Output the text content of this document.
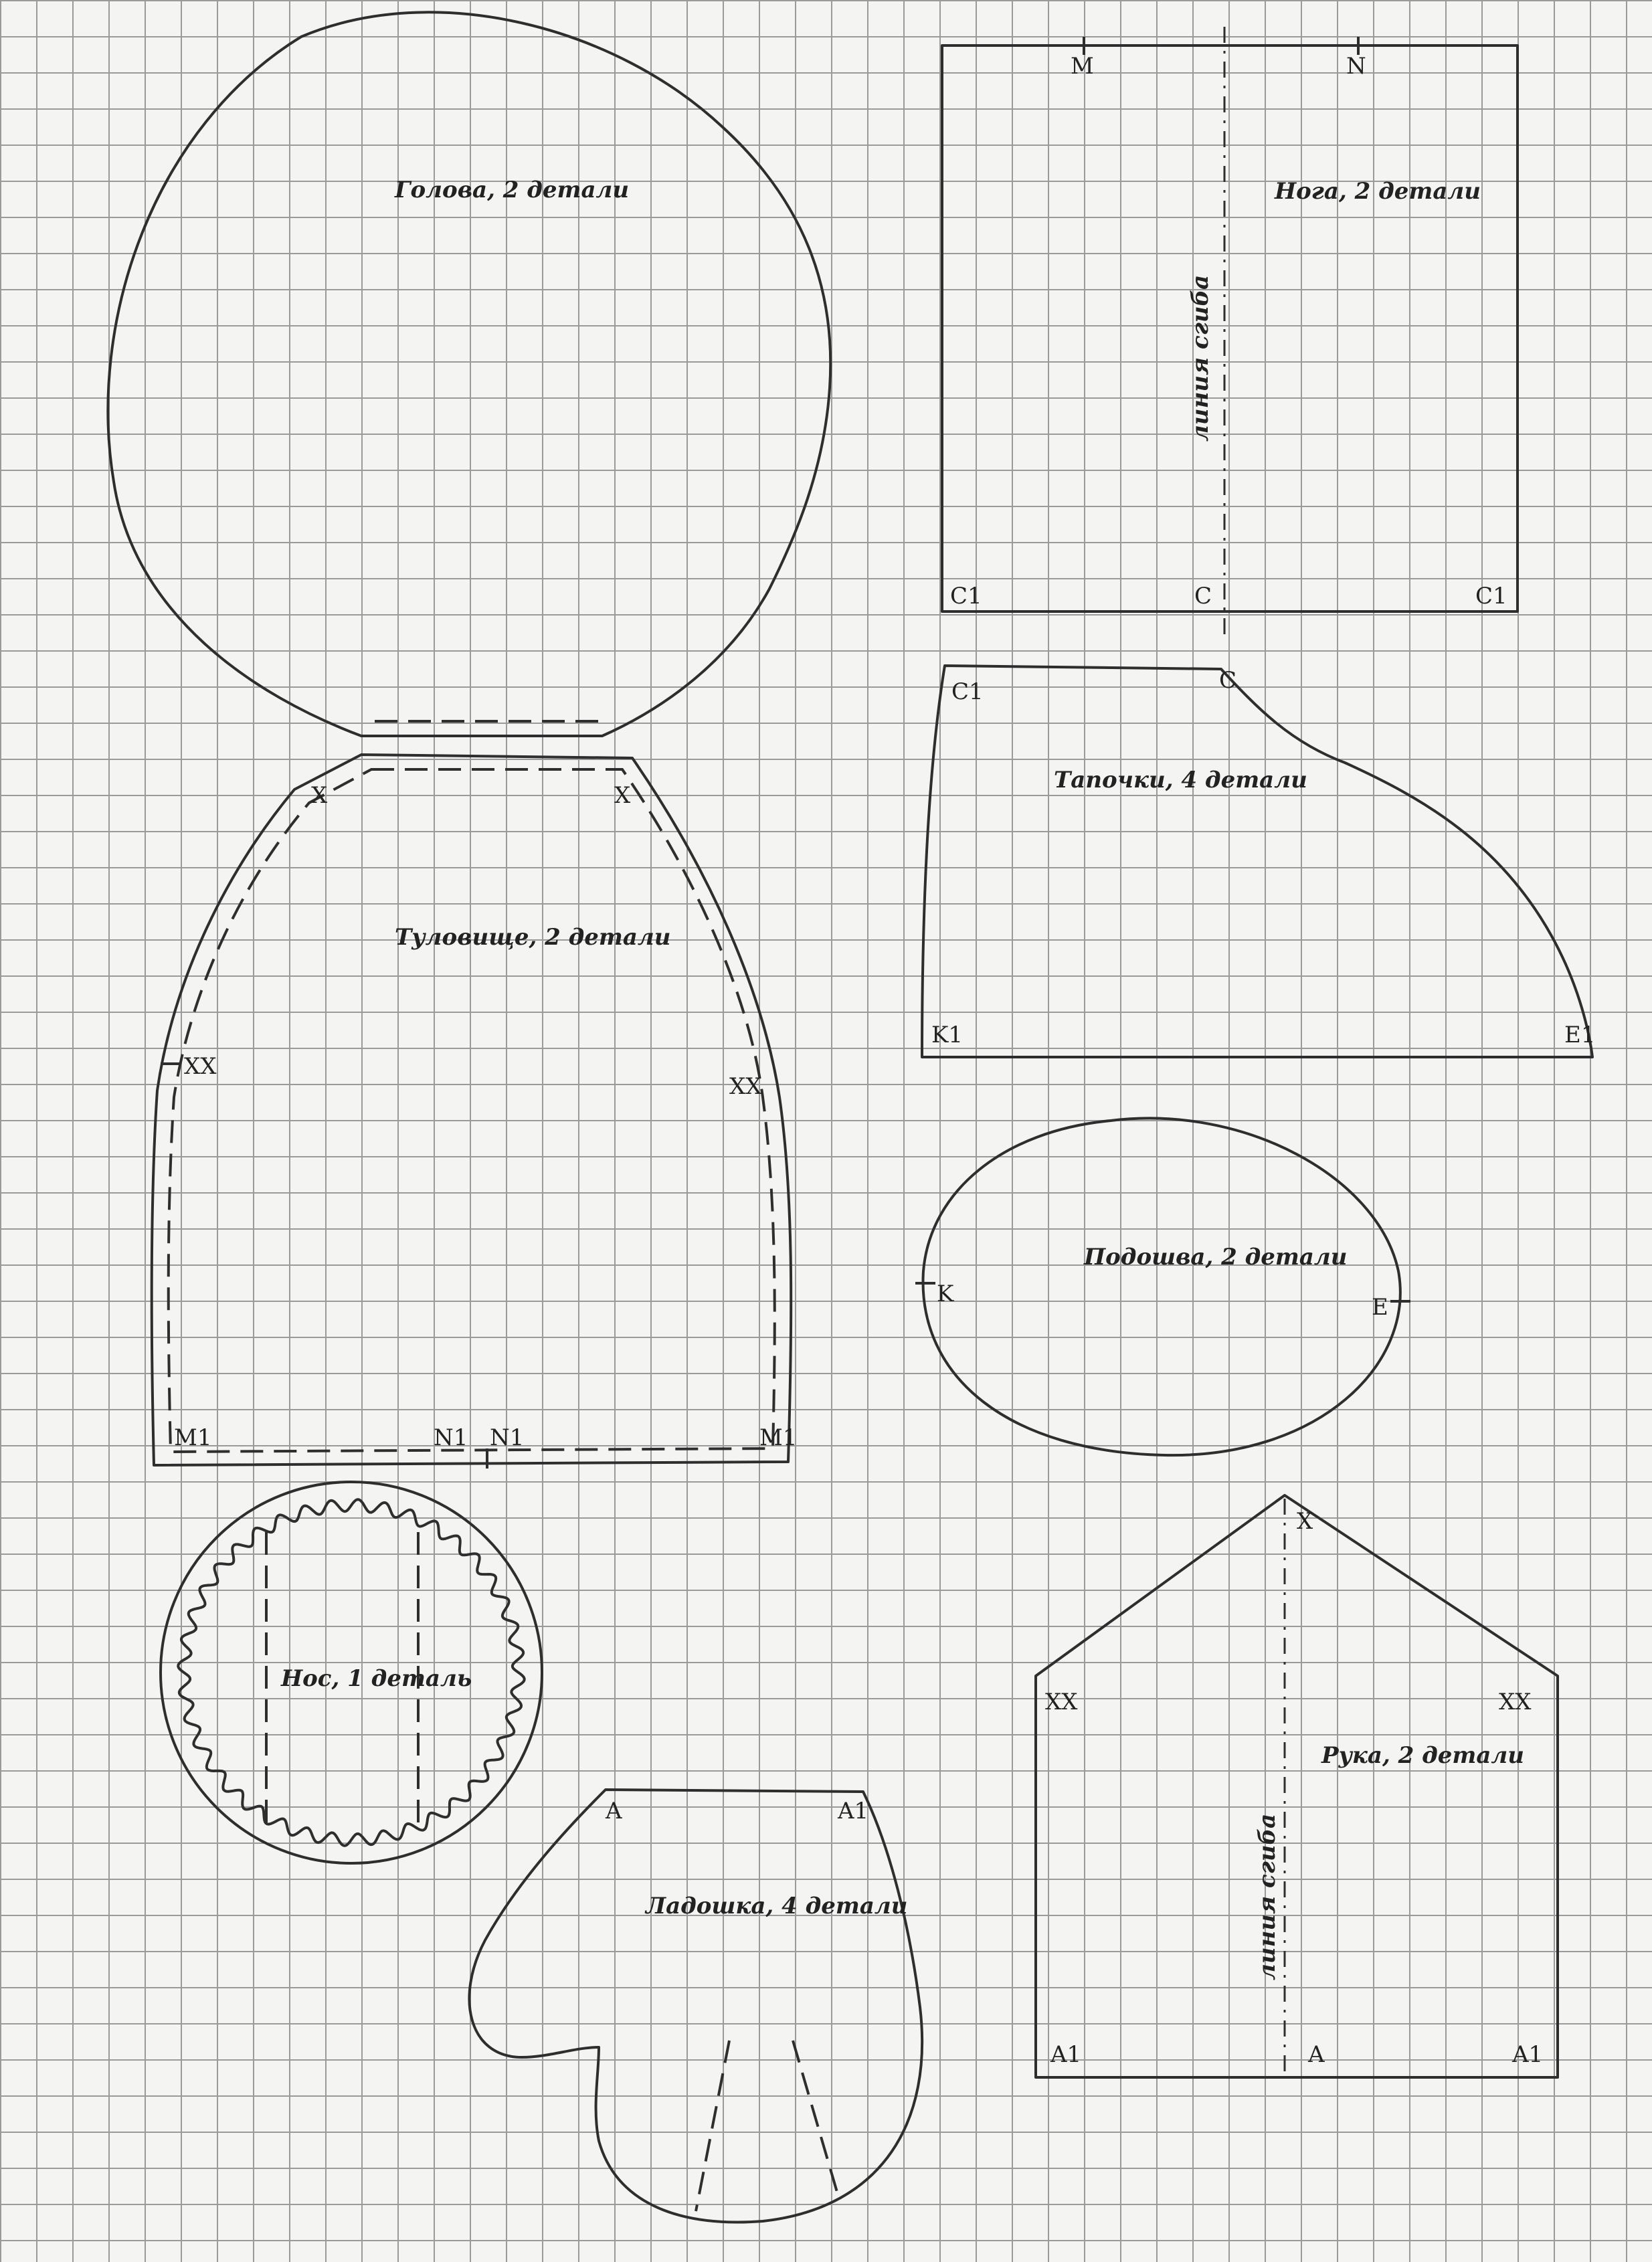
Голова, 2 детали
M	N
Нога, 2 детали
линия сгиба
C1	C	C1
C1	C
Тапочки, 4 детали
K1	E1
X	X
Туловище, 2 детали
XX
XX
M1	N1 N1	M1
K
Подошва, 2 детали
E
Нос, 1 деталь
X
XX	XX
Рука, 2 детали
линия сгиба
A1	A	A1
A	A1
Ладошка, 4 детали
